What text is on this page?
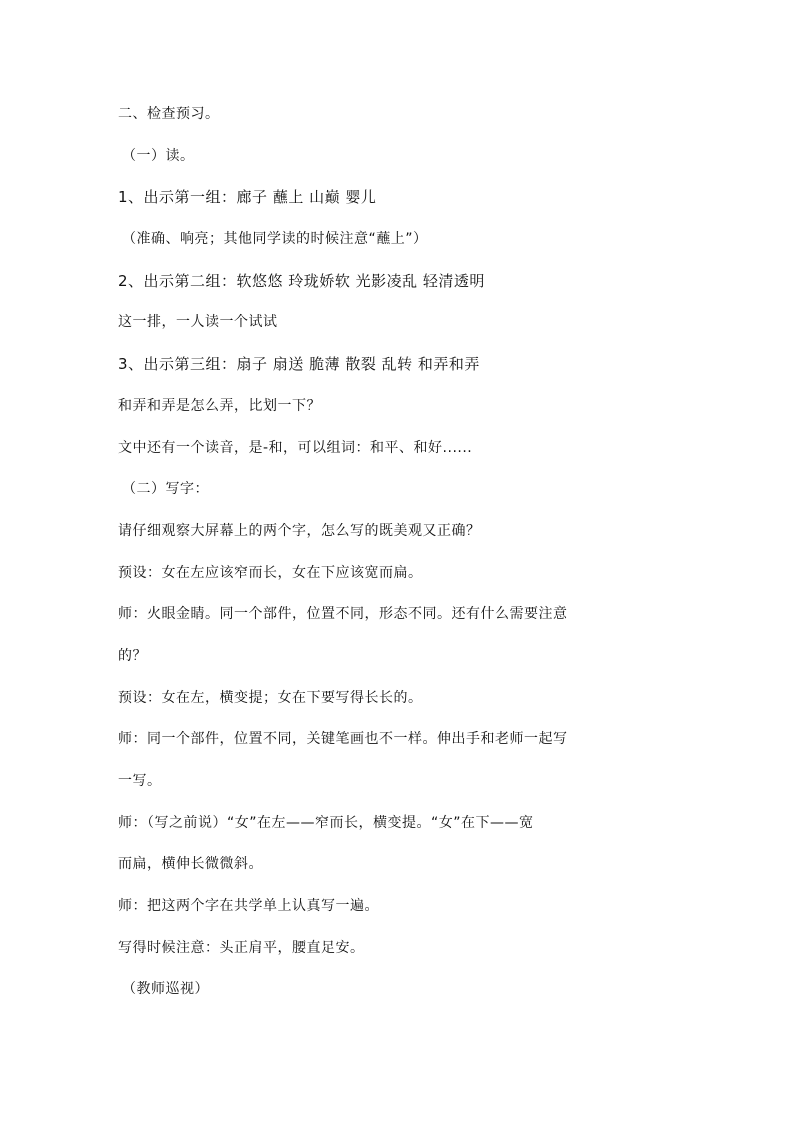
二、检查预习。
（一）读。
1、出示第一组：廊子 蘸上 山巅 婴儿
（准确、响亮；其他同学读的时候注意“蘸上”）
2、出示第二组：软悠悠 玲珑娇软 光影凌乱 轻清透明
这一排，一人读一个试试
3、出示第三组：扇子 扇送 脆薄 散裂 乱转 和弄和弄
和弄和弄是怎么弄，比划一下？
文中还有一个读音，是-和，可以组词：和平、和好......
（二）写字：
请仔细观察大屏幕上的两个字，怎么写的既美观又正确？
预设：女在左应该窄而长，女在下应该宽而扁。
师：火眼金睛。同一个部件，位置不同，形态不同。还有什么需要注意
的？
预设：女在左，横变提；女在下要写得长长的。
师：同一个部件，位置不同，关键笔画也不一样。伸出手和老师一起写
一写。
师：（写之前说）“女”在左——窄而长，横变提。“女”在下——宽
而扁，横伸长微微斜。
师：把这两个字在共学单上认真写一遍。
写得时候注意：头正肩平，腰直足安。
（教师巡视）
